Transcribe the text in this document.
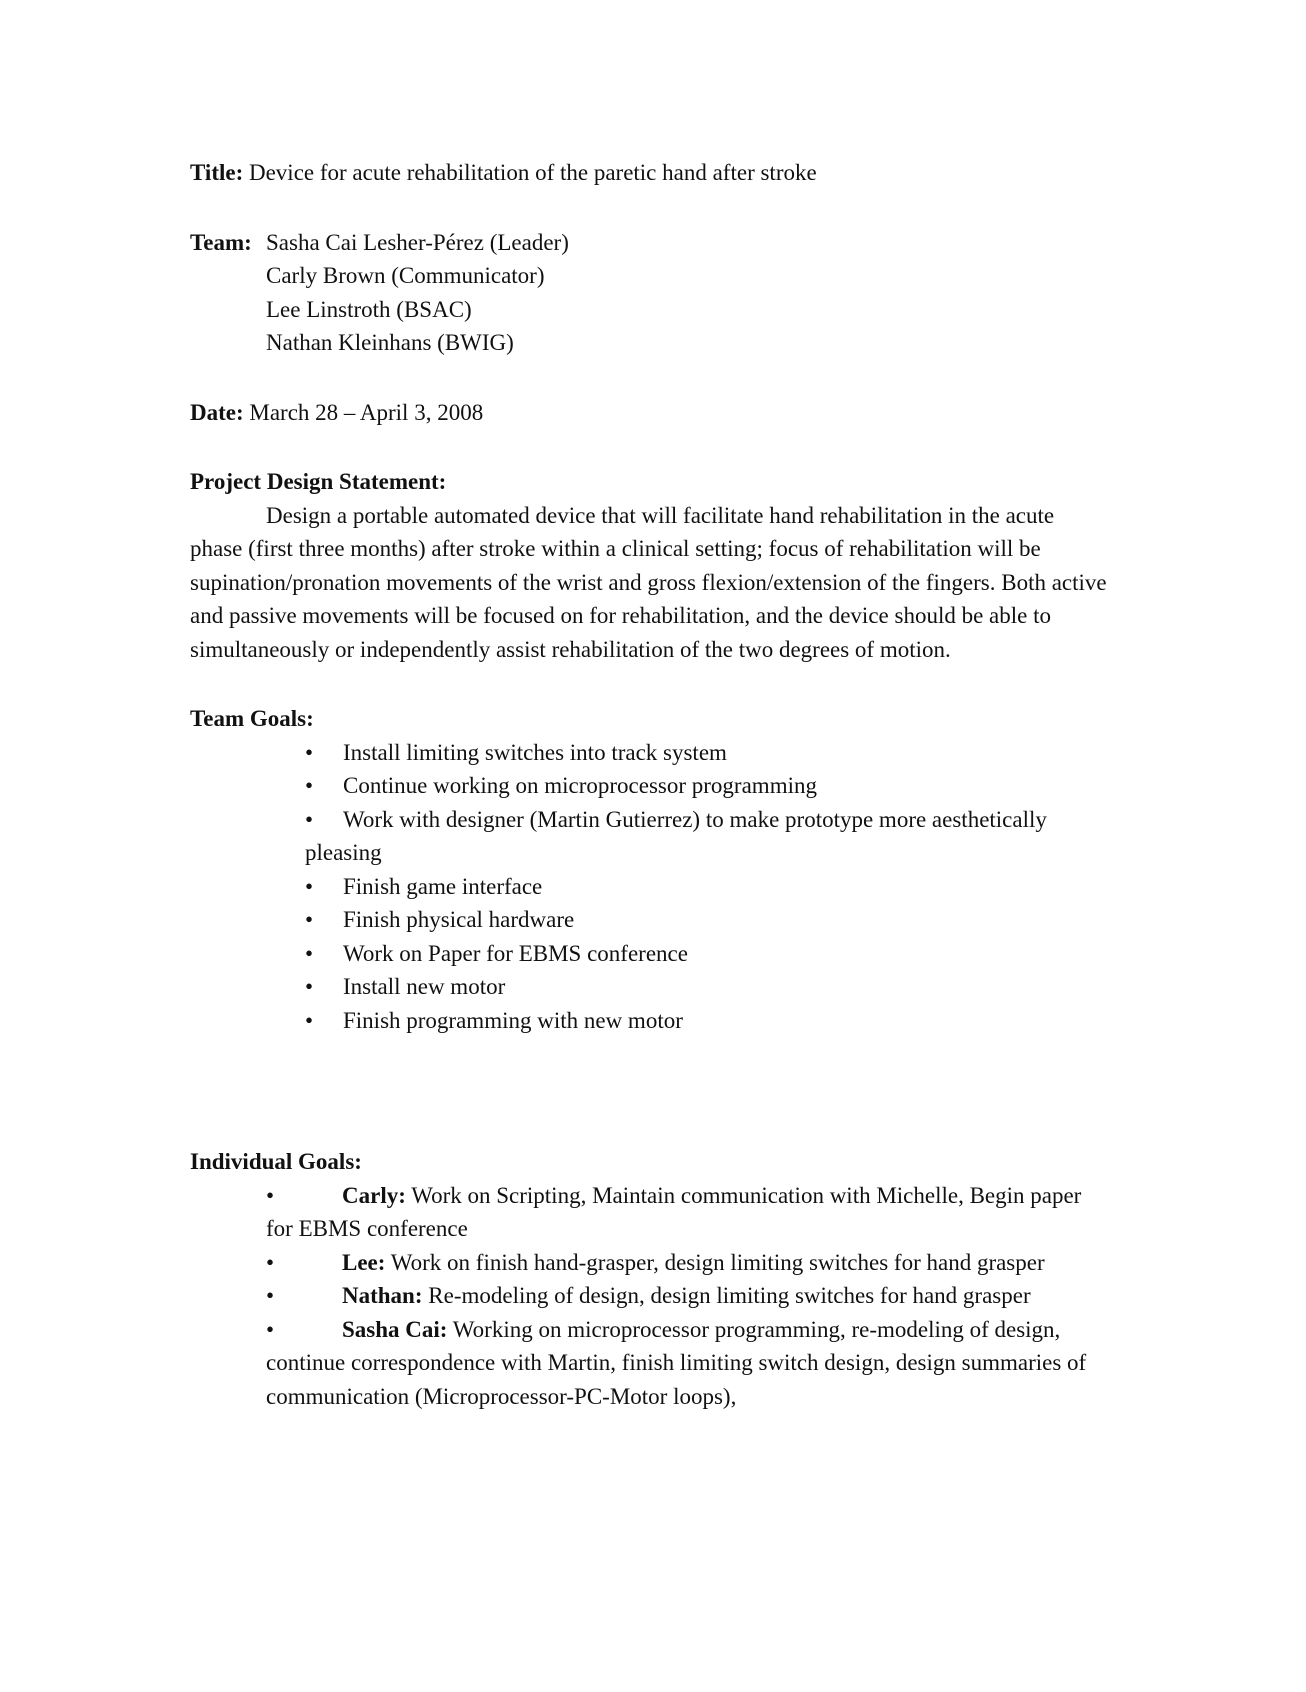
Title: Device for acute rehabilitation of the paretic hand after stroke
Team: Sasha Cai Lesher-Pérez (Leader)
Carly Brown (Communicator)
Lee Linstroth (BSAC)
Nathan Kleinhans (BWIG)
Date: March 28 – April 3, 2008
Project Design Statement:

Design a portable automated device that will facilitate hand rehabilitation in the acute phase (first three months) after stroke within a clinical setting; focus of rehabilitation will be supination/pronation movements of the wrist and gross flexion/extension of the fingers. Both active and passive movements will be focused on for rehabilitation, and the device should be able to simultaneously or independently assist rehabilitation of the two degrees of motion.

Team Goals:
• Install limiting switches into track system
• Continue working on microprocessor programming
• Work with designer (Martin Gutierrez) to make prototype more aesthetically pleasing
• Finish game interface
• Finish physical hardware
• Work on Paper for EBMS conference
• Install new motor
• Finish programming with new motor
Individual Goals:
•	Carly: Work on Scripting, Maintain communication with Michelle, Begin paper for EBMS conference
•	Lee: Work on finish hand-grasper, design limiting switches for hand grasper
•	Nathan: Re-modeling of design, design limiting switches for hand grasper
•	Sasha Cai: Working on microprocessor programming, re-modeling of design, continue correspondence with Martin, finish limiting switch design, design summaries of communication (Microprocessor-PC-Motor loops),
